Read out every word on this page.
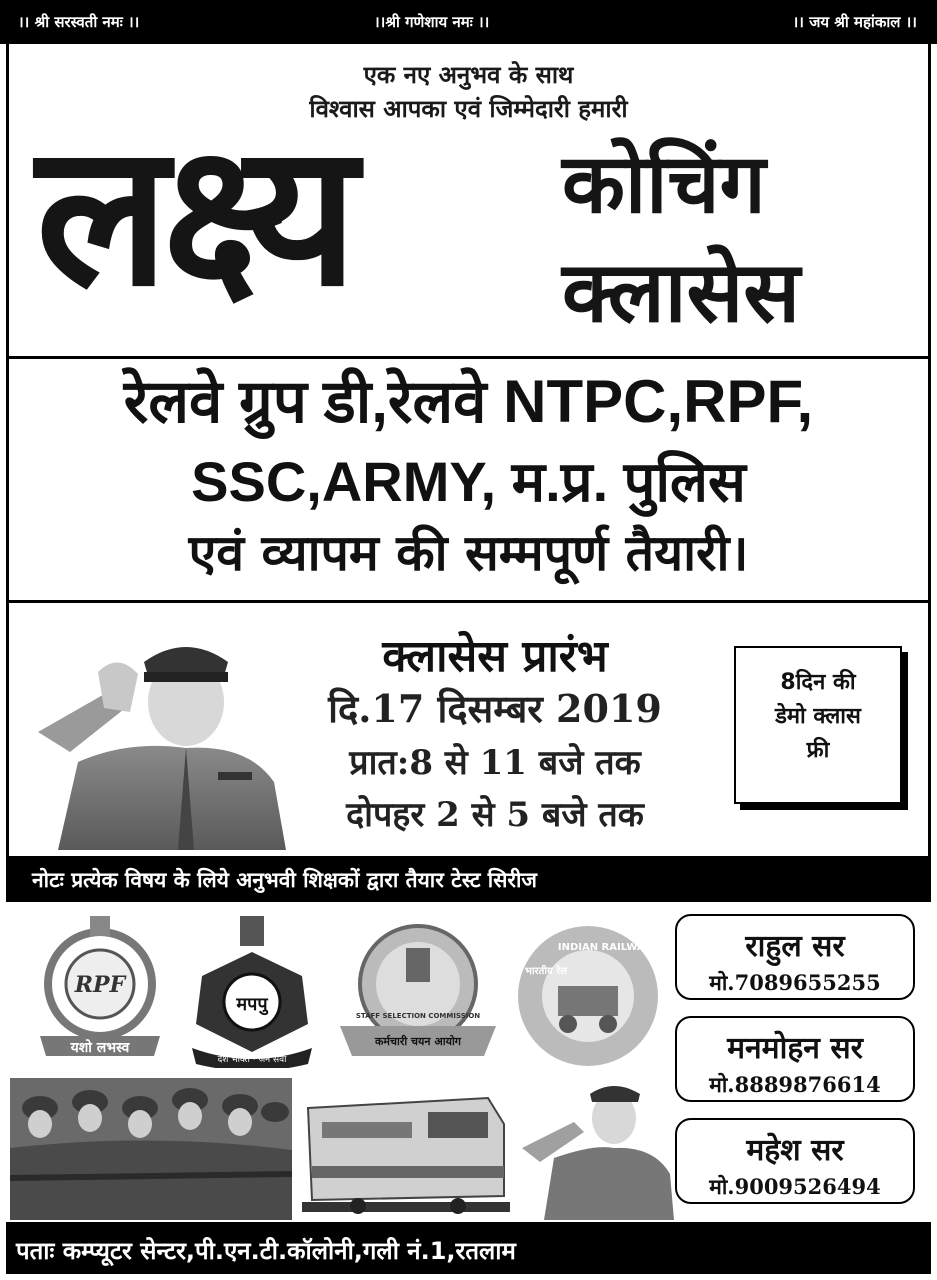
।। श्री सरस्वती नमः ।।	।।श्री गणेशाय नमः ।।	।। जय श्री महांकाल ।।
एक नए अनुभव के साथ
विश्वास आपका एवं जिम्मेदारी हमारी
लक्ष्य	कोचिंग
क्लासेस
रेलवे ग्रुप डी,रेलवे NTPC,RPF,
SSC,ARMY, म.प्र. पुलिस
एवं व्यापम की सम्मपूर्ण तैयारी।
क्लासेस प्रारंभ
दि.17 दिसम्बर 2019
प्रात:8 से 11 बजे तक
दोपहर 2 से 5 बजे तक
8दिन की
डेमो क्लास
फ्री
नोटः प्रत्येक विषय के लिये अनुभवी शिक्षकों द्वारा तैयार टेस्ट सिरीज
RPF
यशो लभस्व
मपपु
देश भक्ति · जन सेवा
STAFF SELECTION COMMISSION
कर्मचारी चयन आयोग
INDIAN RAILWAYS
भारतीय रेल
राहुल सर
मो.7089655255
मनमोहन सर
मो.8889876614
महेश सर
मो.9009526494
पताः कम्प्यूटर सेन्टर,पी.एन.टी.कॉलोनी,गली नं.1,रतलाम
